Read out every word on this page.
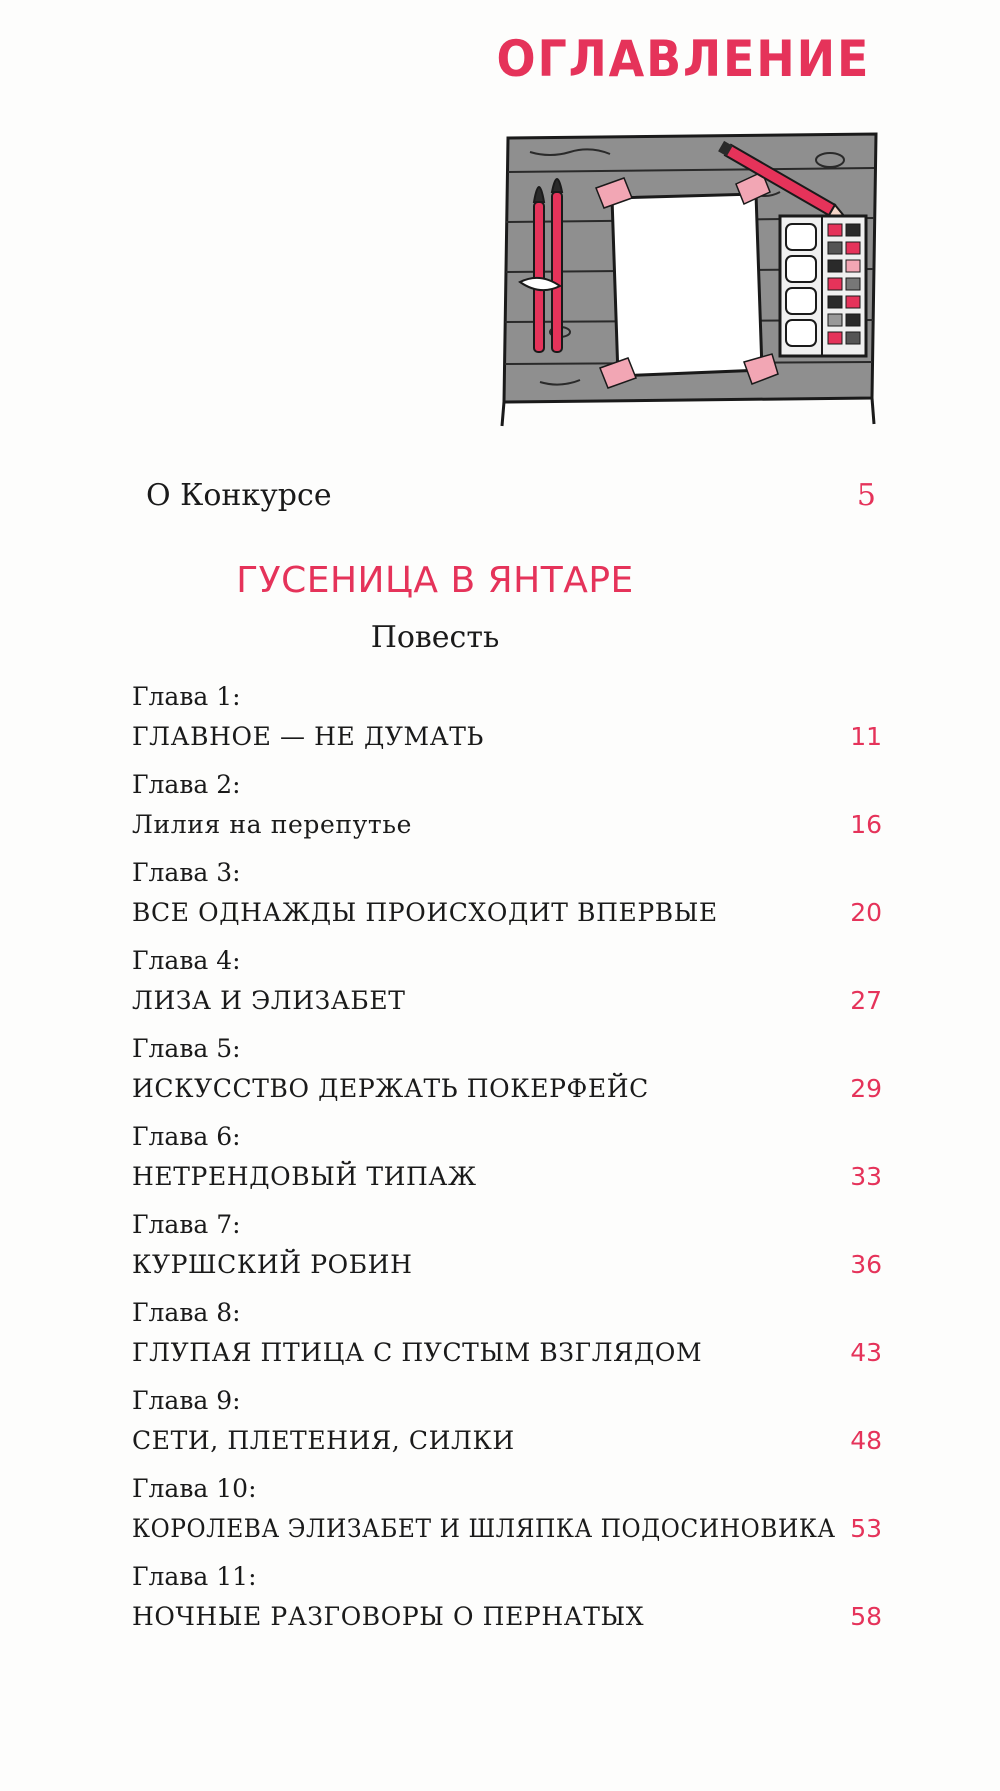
ОГЛАВЛЕНИЕ
О Конкурсе	5
ГУСЕНИЦА В ЯНТАРЕ
Повесть
Глава 1:
ГЛАВНОЕ — НЕ ДУМАТЬ	11
Глава 2:
Лилия на перепутье	16
Глава 3:
ВСЕ ОДНАЖДЫ ПРОИСХОДИТ ВПЕРВЫЕ	20
Глава 4:
ЛИЗА И ЭЛИЗАБЕТ	27
Глава 5:
ИСКУССТВО ДЕРЖАТЬ ПОКЕРФЕЙС	29
Глава 6:
НЕТРЕНДОВЫЙ ТИПАЖ	33
Глава 7:
КУРШСКИЙ РОБИН	36
Глава 8:
ГЛУПАЯ ПТИЦА С ПУСТЫМ ВЗГЛЯДОМ	43
Глава 9:
СЕТИ, ПЛЕТЕНИЯ, СИЛКИ	48
Глава 10:
КОРОЛЕВА ЭЛИЗАБЕТ И ШЛЯПКА ПОДОСИНОВИКА 53
Глава 11:
НОЧНЫЕ РАЗГОВОРЫ О ПЕРНАТЫХ	58
